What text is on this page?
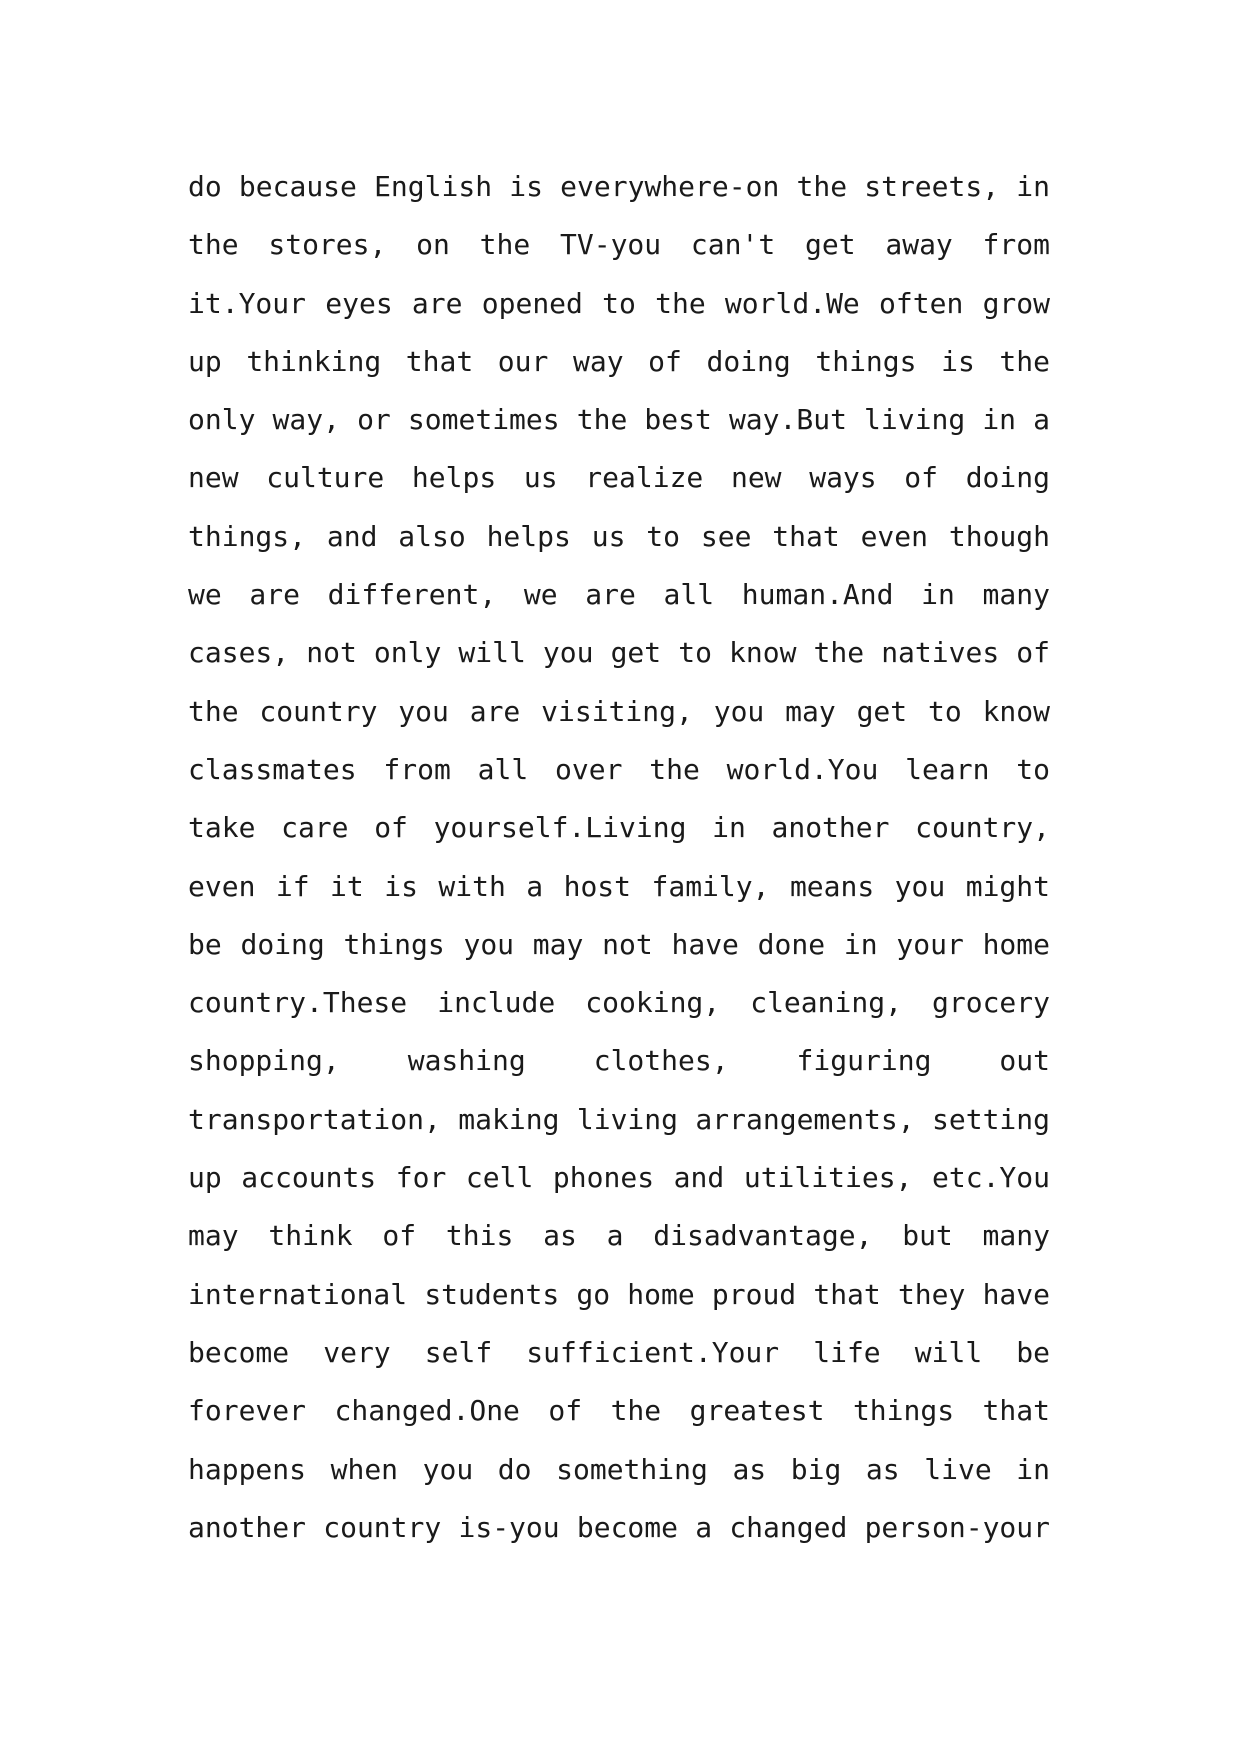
do because English is everywhere-on the streets, in
the stores, on the TV-you can't get away from
it.Your eyes are opened to the world.We often grow
up thinking that our way of doing things is the
only way, or sometimes the best way.But living in a
new culture helps us realize new ways of doing
things, and also helps us to see that even though
we are different, we are all human.And in many
cases, not only will you get to know the natives of
the country you are visiting, you may get to know
classmates from all over the world.You learn to
take care of yourself.Living in another country,
even if it is with a host family, means you might
be doing things you may not have done in your home
country.These include cooking, cleaning, grocery
shopping, washing clothes, figuring out
transportation, making living arrangements, setting
up accounts for cell phones and utilities, etc.You
may think of this as a disadvantage, but many
international students go home proud that they have
become very self sufficient.Your life will be
forever changed.One of the greatest things that
happens when you do something as big as live in
another country is-you become a changed person-your
